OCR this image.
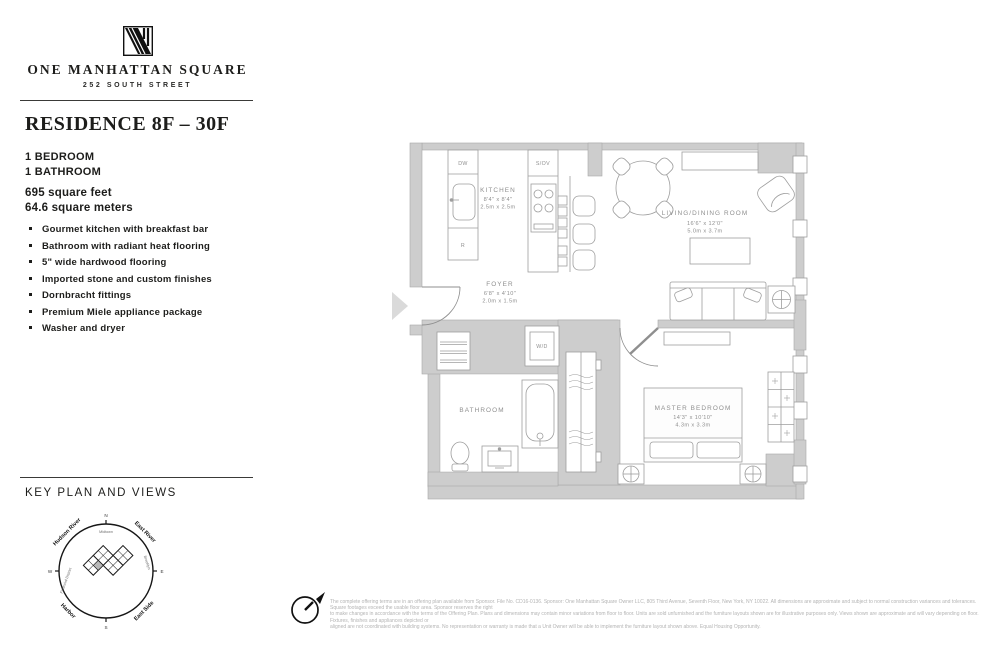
ONE MANHATTAN SQUARE
252 SOUTH STREET
RESIDENCE 8F – 30F
1 BEDROOM
1 BATHROOM
695 square feet
64.6 square meters
Gourmet kitchen with breakfast bar
Bathroom with radiant heat flooring
5" wide hardwood flooring
Imported stone and custom finishes
Dornbracht fittings
Premium Miele appliance package
Washer and dryer
KEY PLAN AND VIEWS
N
S
W	E
Hudson River	East River
Harbor	East Side
Midtown
Financial District
Brooklyn
KITCHEN
8'4" x 8'4"
2.5m x 2.5m
FOYER
6'8" x 4'10"
2.0m x 1.5m
LIVING/DINING ROOM
16'6" x 12'0"
5.0m x 3.7m
BATHROOM	MASTER BEDROOM
14'3" x 10'10"
4.3m x 3.3m
DW
R
S/OV
W/D
The complete offering terms are in an offering plan available from Sponsor. File No. CD16-0136. Sponsor: One Manhattan Square Owner LLC, 805 Third Avenue, Seventh Floor, New York, NY 10022. All dimensions are approximate and subject to normal construction variances and tolerances. Square footages exceed the usable floor area. Sponsor reserves the right
to make changes in accordance with the terms of the Offering Plan. Plans and dimensions may contain minor variations from floor to floor. Units are sold unfurnished and the furniture layouts shown are for illustrative purposes only. Views shown are approximate and will vary depending on floor. Fixtures, finishes and appliances depicted or
aligned are not coordinated with building systems. No representation or warranty is made that a Unit Owner will be able to implement the furniture layout shown above. Equal Housing Opportunity.
